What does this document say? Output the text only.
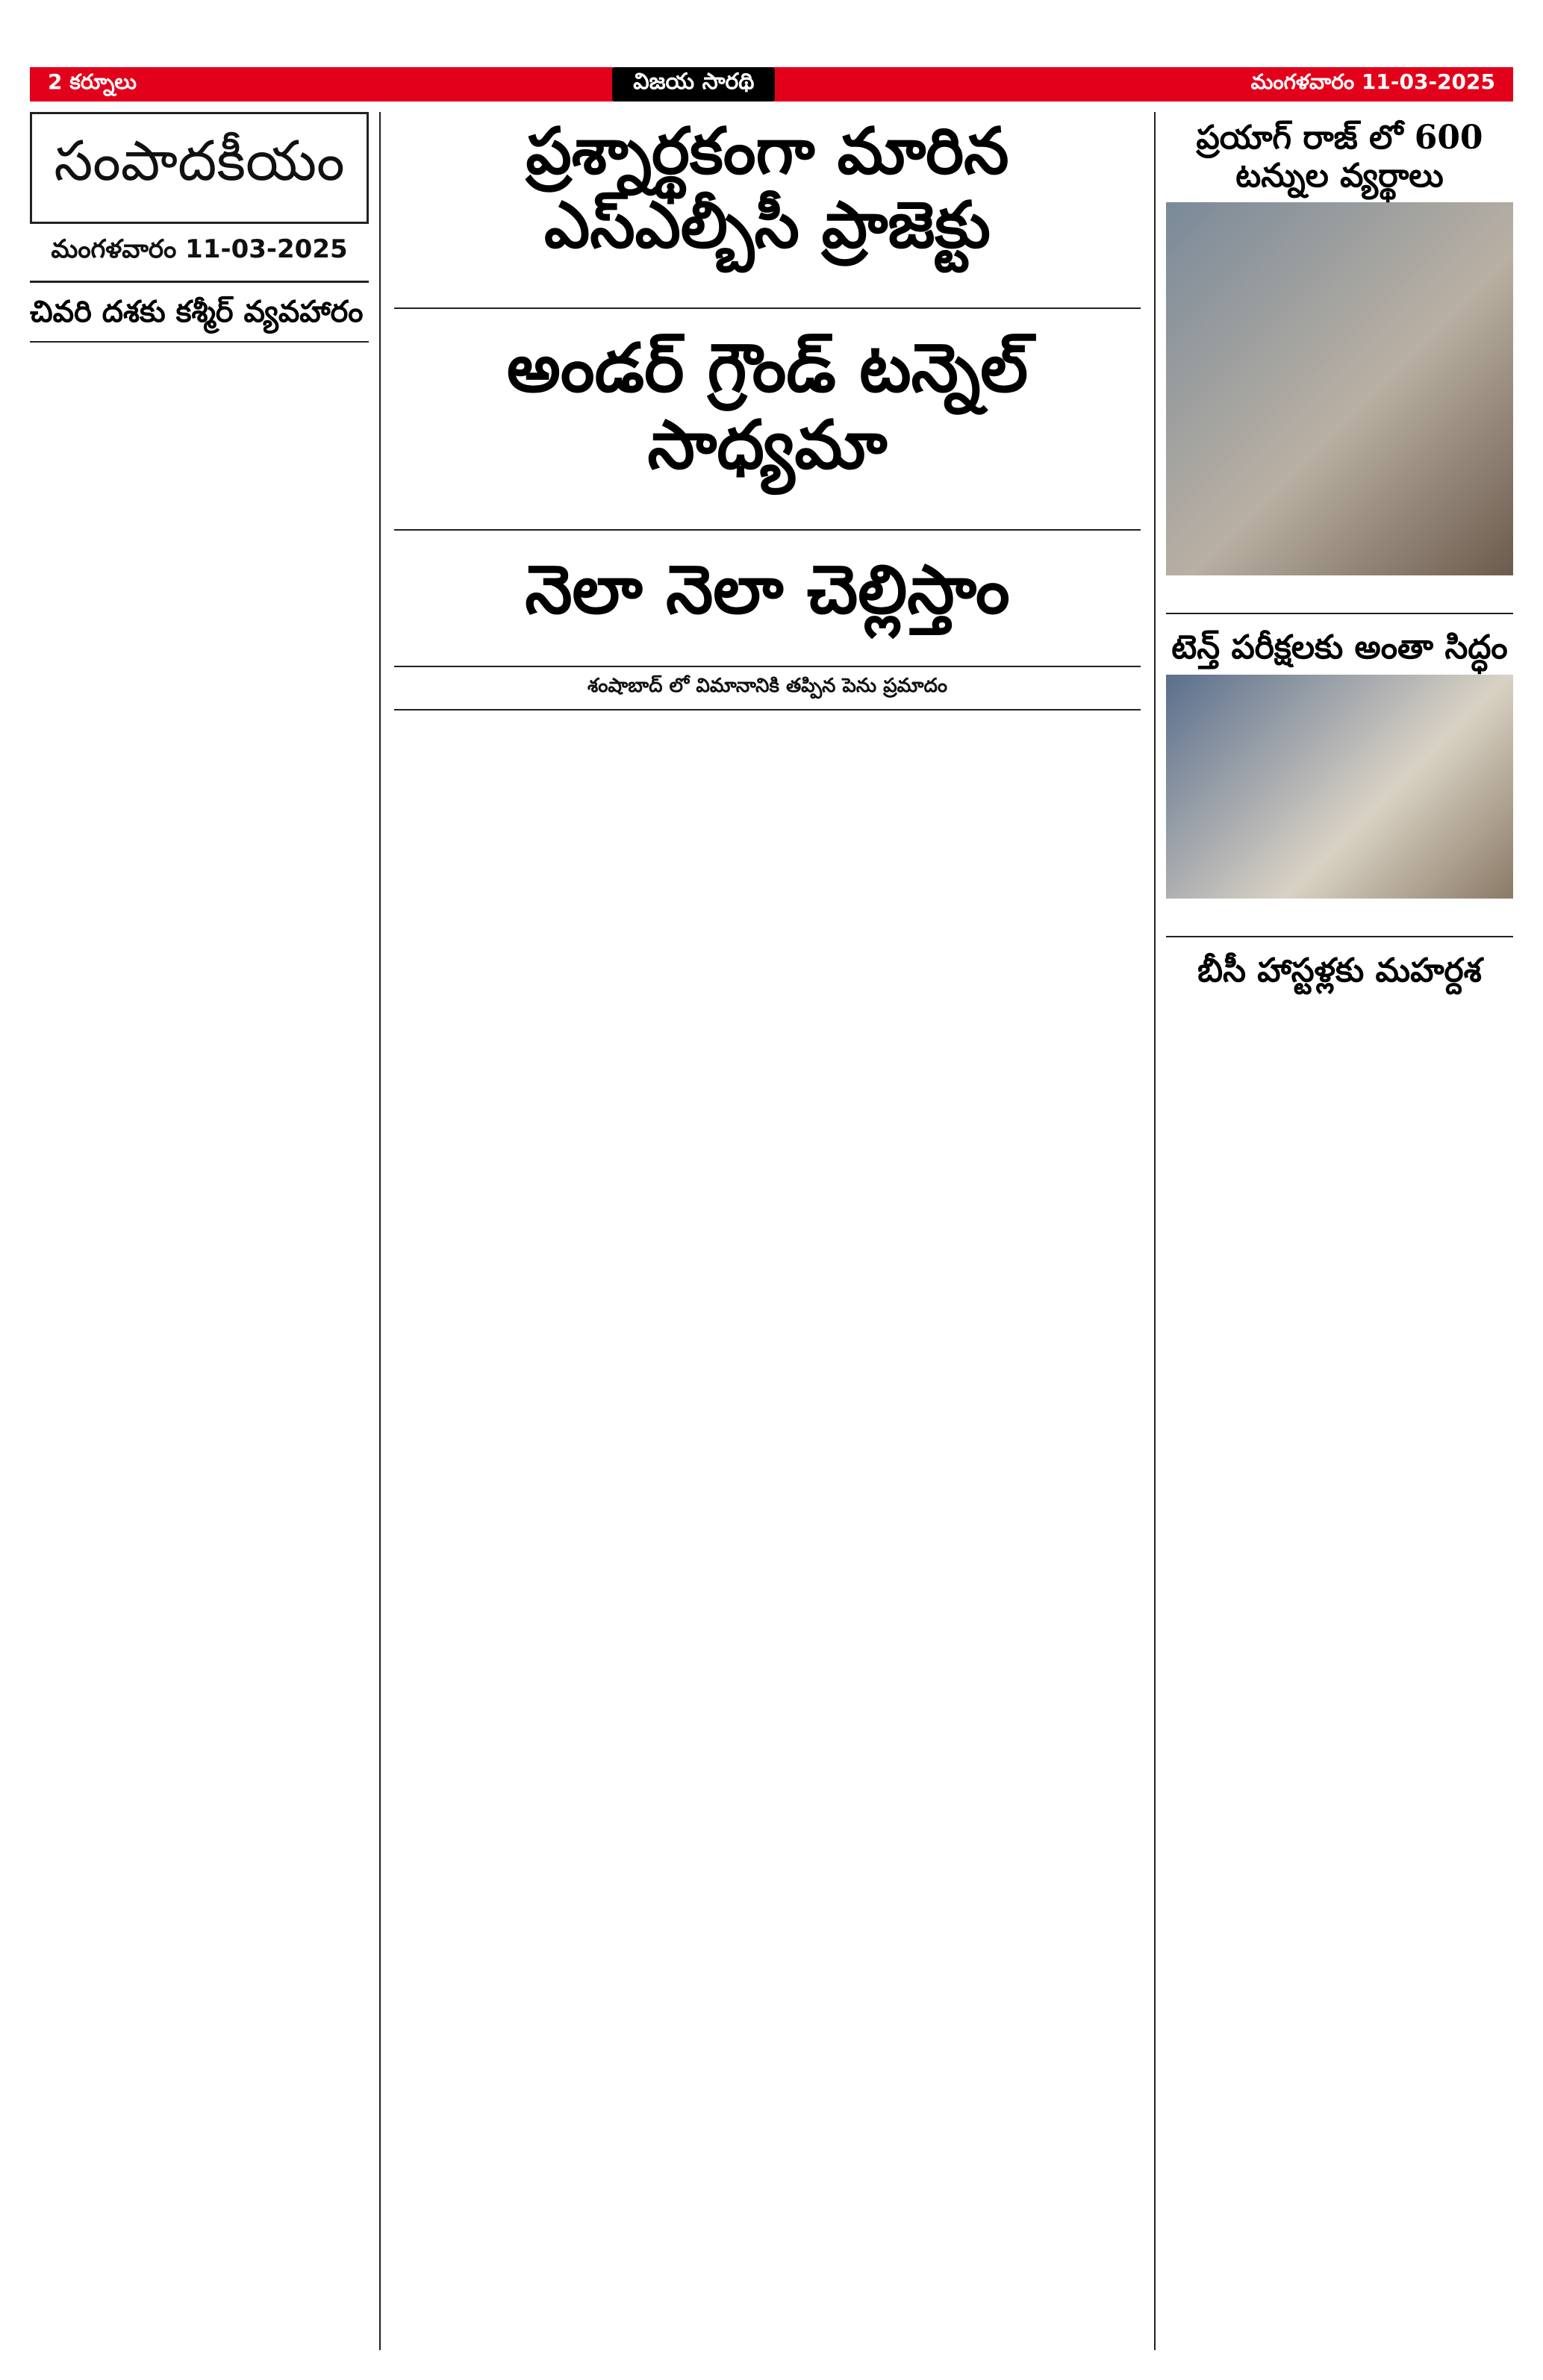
2 కర్నూలు	విజయ సారథి	మంగళవారం 11-03-2025
సంపాదకీయం
మంగళవారం 11-03-2025
చివరి దశకు కశ్మీర్ వ్యవహారం

ప్రశ్నార్థకంగా మారిన ఎస్ఎల్బీసీ ప్రాజెక్టు

అండర్ గ్రౌండ్ టన్నెల్ సాధ్యమా

నెలా నెలా చెల్లిస్తాం

శంషాబాద్ లో విమానానికి తప్పిన పెను ప్రమాదం

ప్రయాగ్ రాజ్ లో 600 టన్నుల వ్యర్థాలు

టెన్త్ పరీక్షలకు అంతా సిద్ధం

బీసీ హాస్టళ్లకు మహర్దశ
